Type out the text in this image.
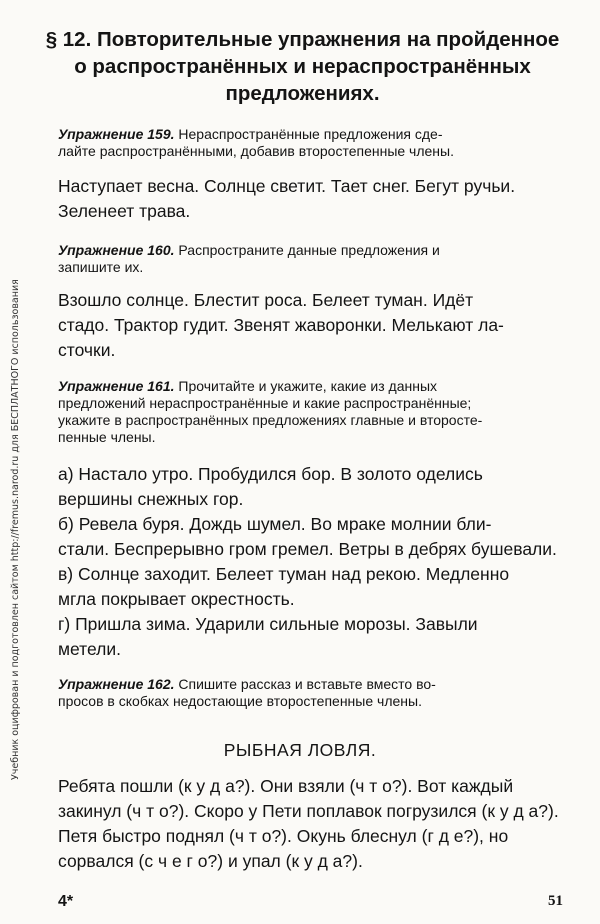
Учебник оцифрован и подготовлен сайтом http://fremus.narod.ru для БЕСПЛАТНОГО использования
§ 12. Повторительные упражнения на пройденное
о распространённых и нераспространённых
предложениях.
Упражнение 159. Нераспространённые предложения сде-
лайте распространёнными, добавив второстепенные члены.
Наступает весна. Солнце светит. Тает снег. Бегут ручьи.
Зеленеет трава.
Упражнение 160. Распространите данные предложения и
запишите их.
Взошло солнце. Блестит роса. Белеет туман. Идёт
стадо. Трактор гудит. Звенят жаворонки. Мелькают ла-
сточки.
Упражнение 161. Прочитайте и укажите, какие из данных
предложений нераспространённые и какие распространённые;
укажите в распространённых предложениях главные и второсте-
пенные члены.
а) Настало утро. Пробудился бор. В золото оделись
вершины снежных гор.
б) Ревела буря. Дождь шумел. Во мраке молнии бли-
стали. Беспрерывно гром гремел. Ветры в дебрях бушевали.
в) Солнце заходит. Белеет туман над рекою. Медленно
мгла покрывает окрестность.
г) Пришла зима. Ударили сильные морозы. Завыли
метели.
Упражнение 162. Спишите рассказ и вставьте вместо во-
просов в скобках недостающие второстепенные члены.
РЫБНАЯ ЛОВЛЯ.
Ребята пошли (к у д а?). Они взяли (ч т о?). Вот каждый
закинул (ч т о?). Скоро у Пети поплавок погрузился (к у д а?).
Петя быстро поднял (ч т о?). Окунь блеснул (г д е?), но
сорвался (с ч е г о?) и упал (к у д а?).
4*	51
